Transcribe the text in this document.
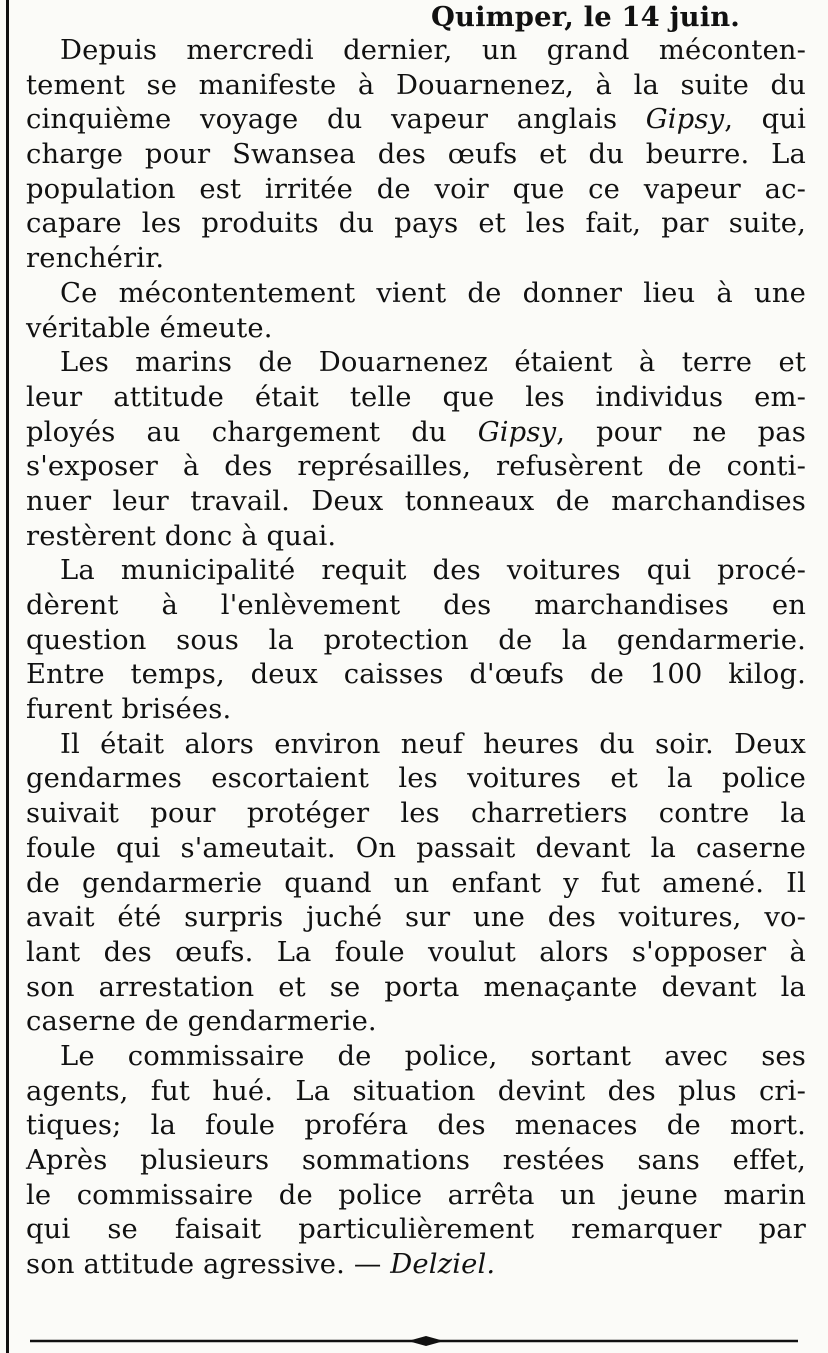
Quimper, le 14 juin.

Depuis mercredi dernier, un grand méconten-
tement se manifeste à Douarnenez, à la suite du
cinquième voyage du vapeur anglais Gipsy, qui
charge pour Swansea des œufs et du beurre. La
population est irritée de voir que ce vapeur ac-
capare les produits du pays et les fait, par suite,
renchérir.

Ce mécontentement vient de donner lieu à une
véritable émeute.

Les marins de Douarnenez étaient à terre et
leur attitude était telle que les individus em-
ployés au chargement du Gipsy, pour ne pas
s'exposer à des représailles, refusèrent de conti-
nuer leur travail. Deux tonneaux de marchandises
restèrent donc à quai.

La municipalité requit des voitures qui procé-
dèrent à l'enlèvement des marchandises en
question sous la protection de la gendarmerie.
Entre temps, deux caisses d'œufs de 100 kilog.
furent brisées.

Il était alors environ neuf heures du soir. Deux
gendarmes escortaient les voitures et la police
suivait pour protéger les charretiers contre la
foule qui s'ameutait. On passait devant la caserne
de gendarmerie quand un enfant y fut amené. Il
avait été surpris juché sur une des voitures, vo-
lant des œufs. La foule voulut alors s'opposer à
son arrestation et se porta menaçante devant la
caserne de gendarmerie.

Le commissaire de police, sortant avec ses
agents, fut hué. La situation devint des plus cri-
tiques; la foule proféra des menaces de mort.
Après plusieurs sommations restées sans effet,
le commissaire de police arrêta un jeune marin
qui se faisait particulièrement remarquer par
son attitude agressive. — Delziel.
